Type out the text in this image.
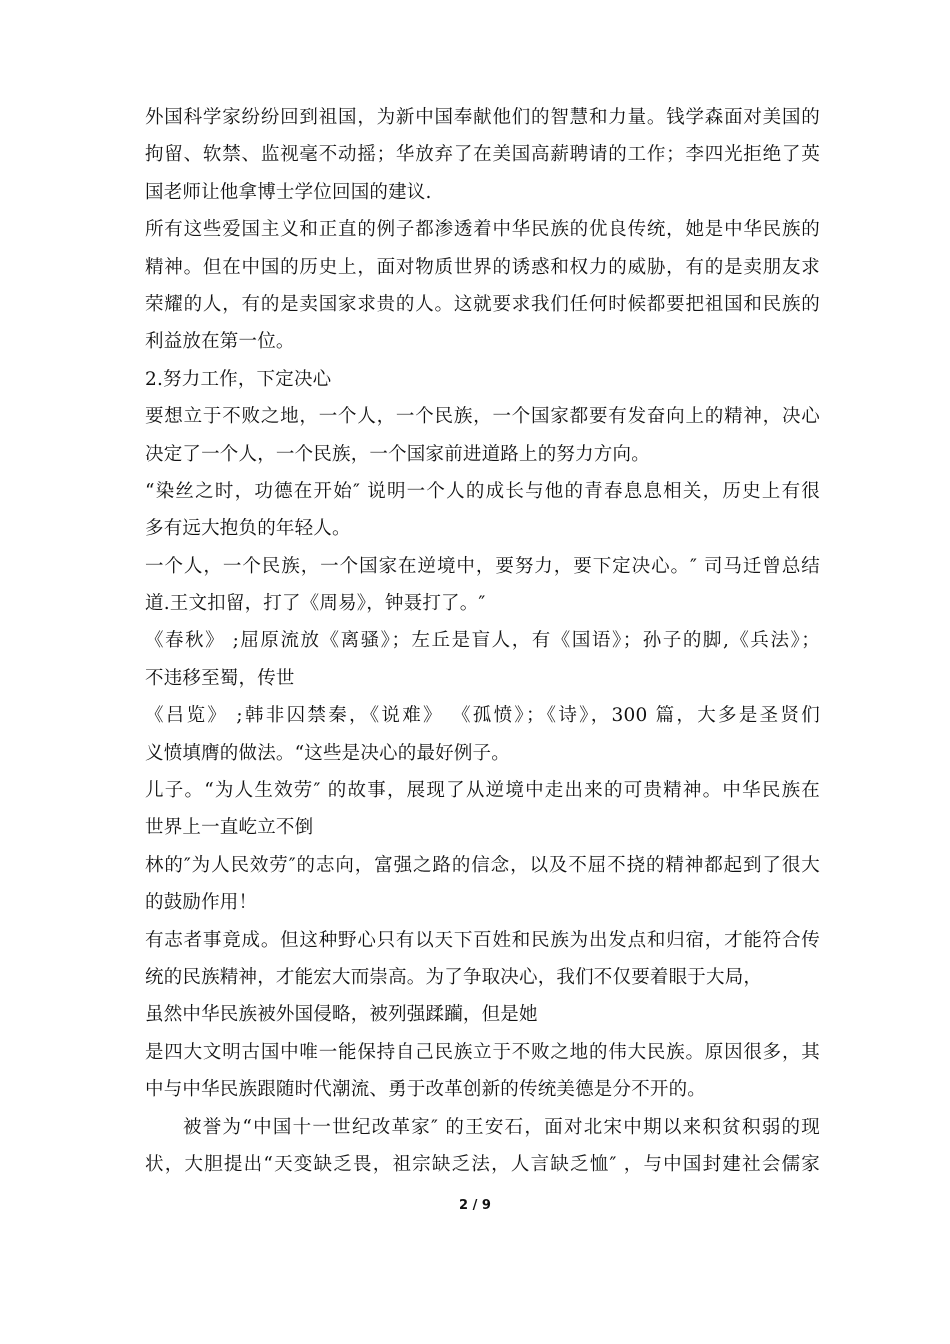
外国科学家纷纷回到祖国，为新中国奉献他们的智慧和力量。钱学森面对美国的
拘留、软禁、监视毫不动摇；华放弃了在美国高薪聘请的工作；李四光拒绝了英
国老师让他拿博士学位回国的建议.
所有这些爱国主义和正直的例子都渗透着中华民族的优良传统，她是中华民族的
精神。但在中国的历史上，面对物质世界的诱惑和权力的威胁，有的是卖朋友求
荣耀的人，有的是卖国家求贵的人。这就要求我们任何时候都要把祖国和民族的
利益放在第一位。
2.努力工作，下定决心
要想立于不败之地，一个人，一个民族，一个国家都要有发奋向上的精神，决心
决定了一个人，一个民族，一个国家前进道路上的努力方向。
“染丝之时，功德在开始″ 说明一个人的成长与他的青春息息相关，历史上有很
多有远大抱负的年轻人。
一个人，一个民族，一个国家在逆境中，要努力，要下定决心。″ 司马迁曾总结
道.王文扣留，打了《周易》，钟聂打了。″
《春秋》 ;屈原流放《离骚》；左丘是盲人，有《国语》；孙子的脚,《兵法》；
不违移至蜀，传世
《吕览》 ;韩非囚禁秦，《说难》 《孤愤》；《诗》，300 篇，大多是圣贤们
义愤填膺的做法。“这些是决心的最好例子。
儿子。“为人生效劳″ 的故事，展现了从逆境中走出来的可贵精神。中华民族在
世界上一直屹立不倒
林的″为人民效劳″的志向，富强之路的信念，以及不屈不挠的精神都起到了很大
的鼓励作用！
有志者事竟成。但这种野心只有以天下百姓和民族为出发点和归宿，才能符合传
统的民族精神，才能宏大而崇高。为了争取决心，我们不仅要着眼于大局，
虽然中华民族被外国侵略，被列强蹂躏，但是她
是四大文明古国中唯一能保持自己民族立于不败之地的伟大民族。原因很多，其
中与中华民族跟随时代潮流、勇于改革创新的传统美德是分不开的。
被誉为“中国十一世纪改革家″ 的王安石，面对北宋中期以来积贫积弱的现
状，大胆提出“天变缺乏畏，祖宗缺乏法，人言缺乏恤″ ，与中国封建社会儒家
2 / 9
